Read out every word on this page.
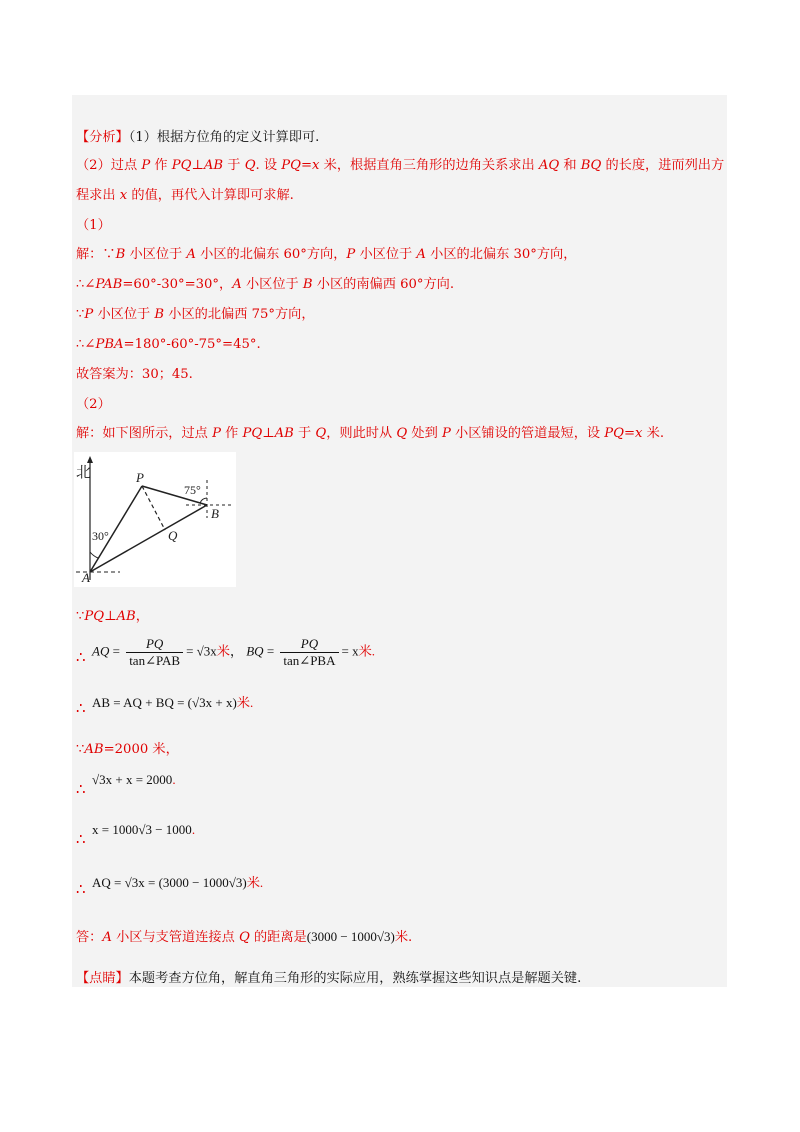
【分析】（1）根据方位角的定义计算即可.
（2）过点 P 作 PQ⊥AB 于 Q. 设 PQ=x 米，根据直角三角形的边角关系求出 AQ 和 BQ 的长度，进而列出方
程求出 x 的值，再代入计算即可求解.
（1）
解：∵B 小区位于 A 小区的北偏东 60°方向，P 小区位于 A 小区的北偏东 30°方向，
∴∠PAB=60°-30°=30°，A 小区位于 B 小区的南偏西 60°方向.
∵P 小区位于 B 小区的北偏西 75°方向，
∴∠PBA=180°-60°-75°=45°.
故答案为：30；45.
（2）
解：如下图所示，过点 P 作 PQ⊥AB 于 Q，则此时从 Q 处到 P 小区铺设的管道最短，设 PQ=x 米.
北	P
A
B
Q
75°
30°
∵PQ⊥AB，
∴ AQ = $\frac{PQ}{\text{tan∠PAB}} = √3x$米， BQ = $\frac{PQ}{\text{tan∠PBA}} = x$米.
∴ AB = AQ + BQ = (√3x + x)米.
∵AB=2000 米，
∴
√3x + x = 2000.
∴
x = 1000√3 − 1000.
∴ AQ = √3x = (3000 − 1000√3)米.
答：A 小区与支管道连接点 Q 的距离是(3000 − 1000√3)米.
【点睛】本题考查方位角，解直角三角形的实际应用，熟练掌握这些知识点是解题关键.
